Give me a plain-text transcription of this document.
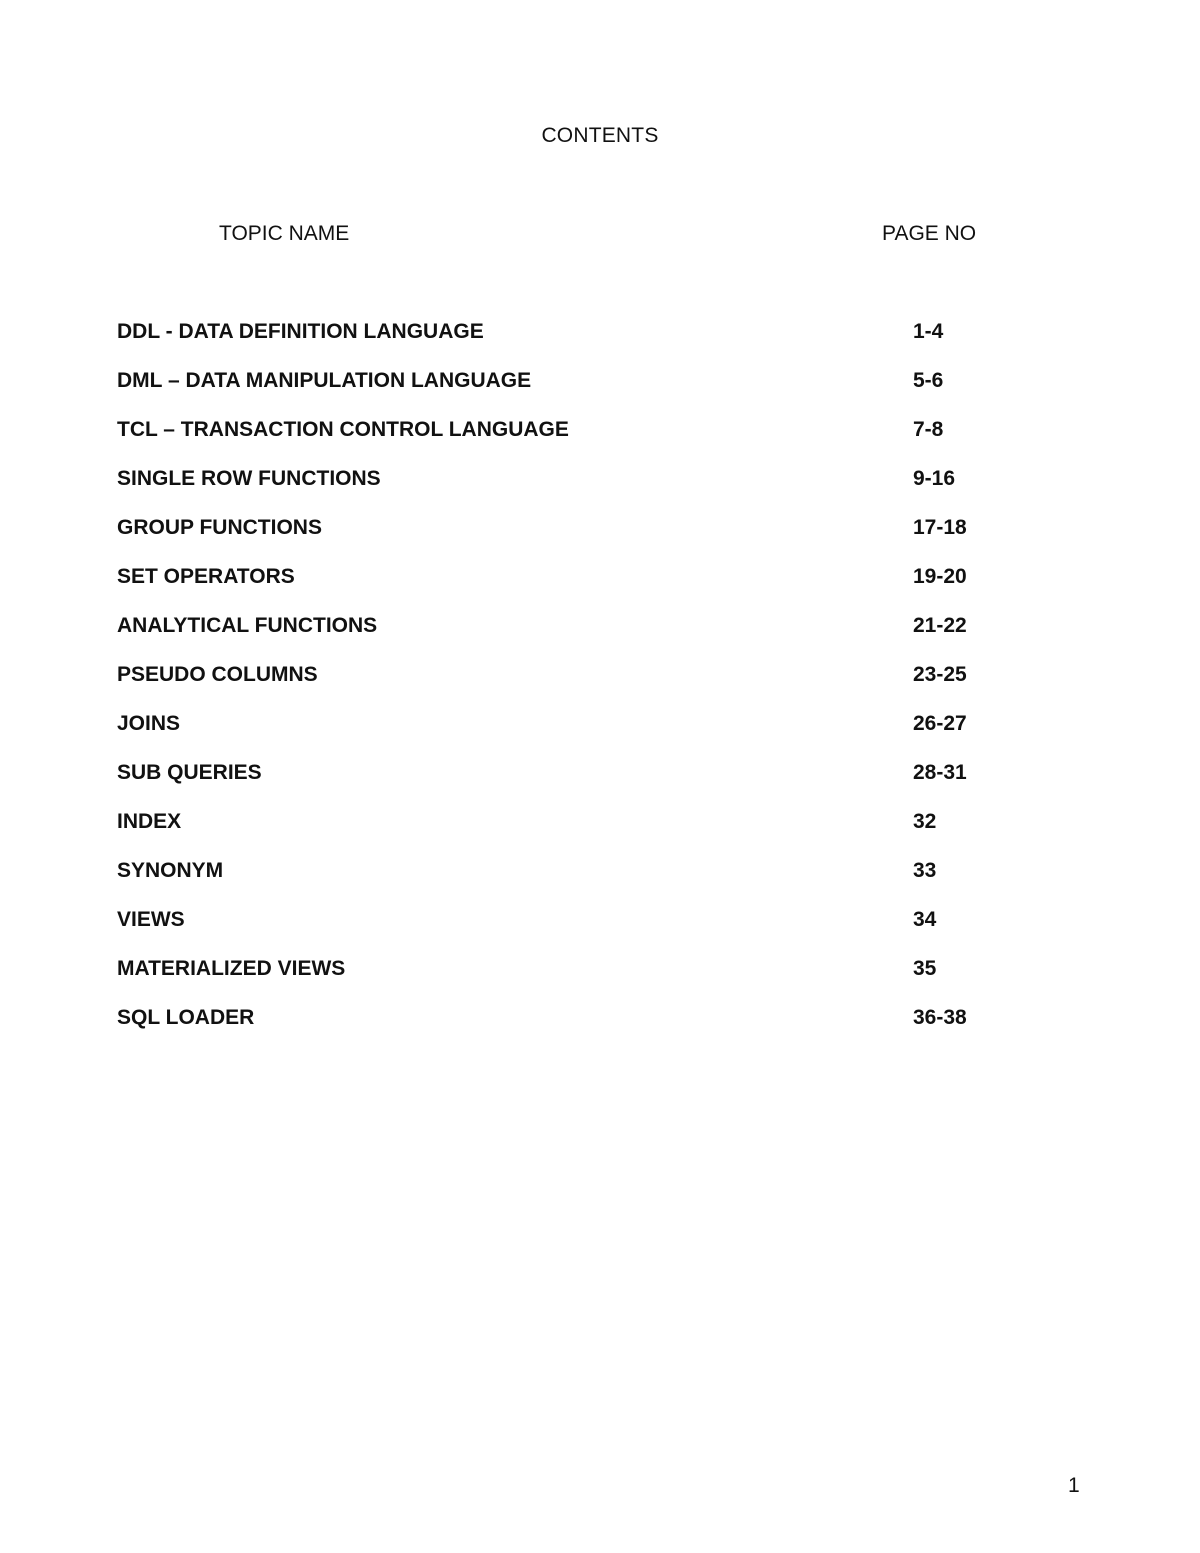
CONTENTS
TOPIC NAME	PAGE NO
DDL - DATA DEFINITION LANGUAGE	1-4
DML – DATA MANIPULATION LANGUAGE	5-6
TCL – TRANSACTION CONTROL LANGUAGE	7-8
SINGLE ROW FUNCTIONS	9-16
GROUP FUNCTIONS	17-18
SET OPERATORS	19-20
ANALYTICAL FUNCTIONS	21-22
PSEUDO COLUMNS	23-25
JOINS	26-27
SUB QUERIES	28-31
INDEX	32
SYNONYM	33
VIEWS	34
MATERIALIZED VIEWS	35
SQL LOADER	36-38
1
